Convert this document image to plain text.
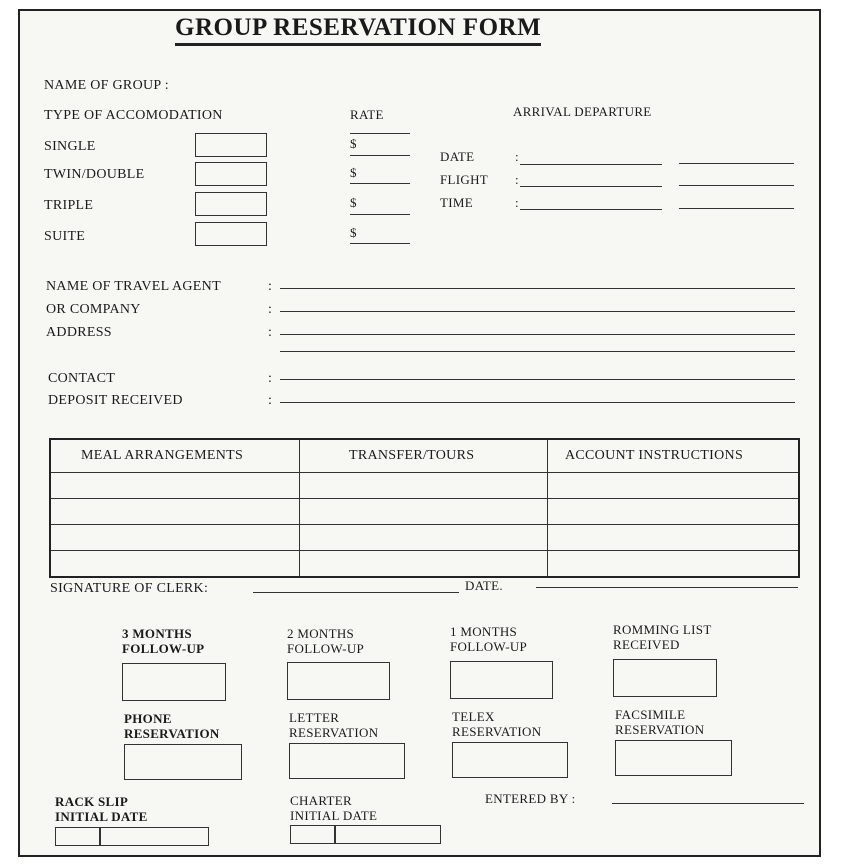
GROUP RESERVATION FORM
NAME OF GROUP :
TYPE OF ACCOMODATION	RATE	ARRIVAL DEPARTURE
SINGLE	$
TWIN/DOUBLE	$
TRIPLE	$
SUITE	$
DATE	:
FLIGHT :
TIME	:
NAME OF TRAVEL AGENT	:
OR COMPANY	:
ADDRESS	:
CONTACT	:
DEPOSIT RECEIVED	:
MEAL ARRANGEMENTS	TRANSFER/TOURS	ACCOUNT INSTRUCTIONS
SIGNATURE OF CLERK:	DATE.
3 MONTHS
FOLLOW-UP
2 MONTHS
FOLLOW-UP
1 MONTHS
FOLLOW-UP
ROMMING LIST
RECEIVED
PHONE
RESERVATION
LETTER
RESERVATION
TELEX
RESERVATION
FACSIMILE
RESERVATION
RACK SLIP
INITIAL DATE
CHARTER
INITIAL DATE
ENTERED BY :
